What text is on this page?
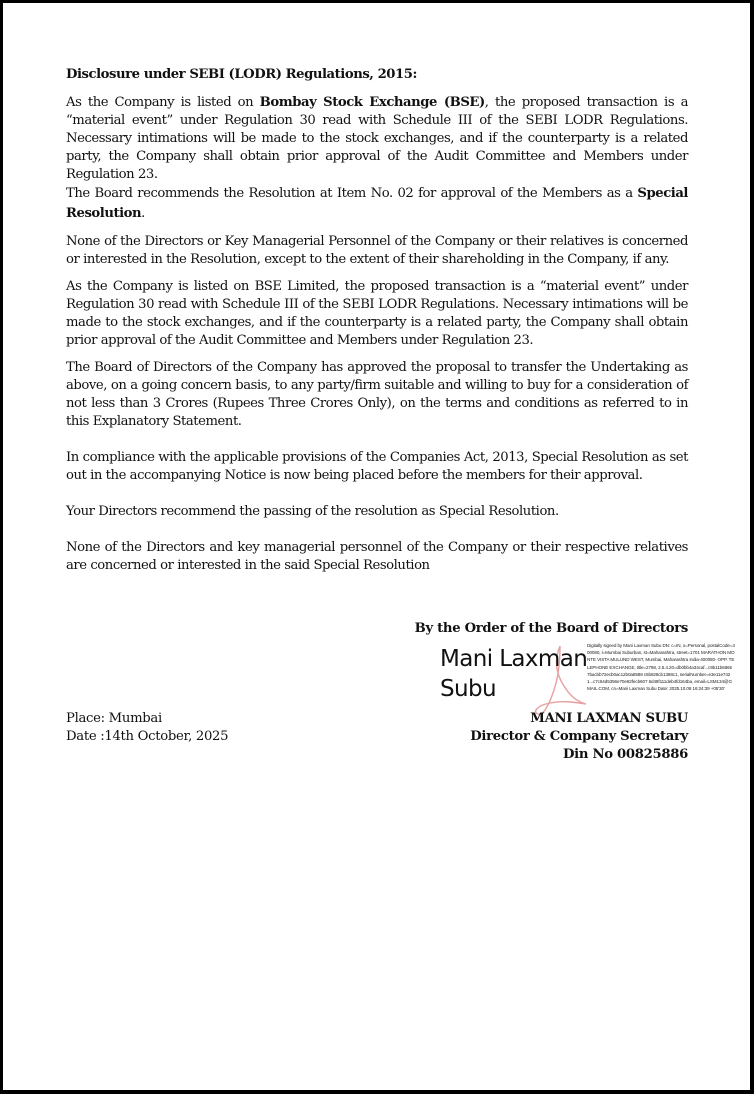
Disclosure under SEBI (LODR) Regulations, 2015:

As the Company is listed on Bombay Stock Exchange (BSE), the proposed transaction is a “material event” under Regulation 30 read with Schedule III of the SEBI LODR Regulations. Necessary intimations will be made to the stock exchanges, and if the counterparty is a related party, the Company shall obtain prior approval of the Audit Committee and Members under Regulation 23.

The Board recommends the Resolution at Item No. 02 for approval of the Members as a Special Resolution.

None of the Directors or Key Managerial Personnel of the Company or their relatives is concerned or interested in the Resolution, except to the extent of their shareholding in the Company, if any.

As the Company is listed on BSE Limited, the proposed transaction is a “material event” under Regulation 30 read with Schedule III of the SEBI LODR Regulations. Necessary intimations will be made to the stock exchanges, and if the counterparty is a related party, the Company shall obtain prior approval of the Audit Committee and Members under Regulation 23.

The Board of Directors of the Company has approved the proposal to transfer the Undertaking as above, on a going concern basis, to any party/firm suitable and willing to buy for a consideration of not less than 3 Crores (Rupees Three Crores Only), on the terms and conditions as referred to in this Explanatory Statement.

In compliance with the applicable provisions of the Companies Act, 2013, Special Resolution as set out in the accompanying Notice is now being placed before the members for their approval.

Your Directors recommend the passing of the resolution as Special Resolution.

None of the Directors and key managerial personnel of the Company or their respective relatives are concerned or interested in the said Special Resolution

By the Order of the Board of Directors
Mani Laxman
Subu
Digitally signed by Mani Laxman Subu DN: c=IN, o=Personal, postalCode=400080, l=Mumbai Suburban, st=Maharashtra, street=1701 MARATHON MONTE VISTA MULUND WEST, Mumbai, Maharashtra India-400080- OPP. TELEPHONE EXCHANGE, title=2798, 2.5.4.20=db0bb4a34caf...c9b11b6865 7bacbb72ecb0ac12b0a8588 c5b828cb1388c1, serialNumber=e3e11e7421...c7c64d5356e70e82fecb607 6d48f111deb4fd164ba, email=LSM134@GMAIL.COM, cn=Mani Laxman Subu Date: 2025.10.08 16:24:39 +05'30'
Place: Mumbai
Date :14th October, 2025
MANI LAXMAN SUBU
Director & Company Secretary
Din No 00825886
